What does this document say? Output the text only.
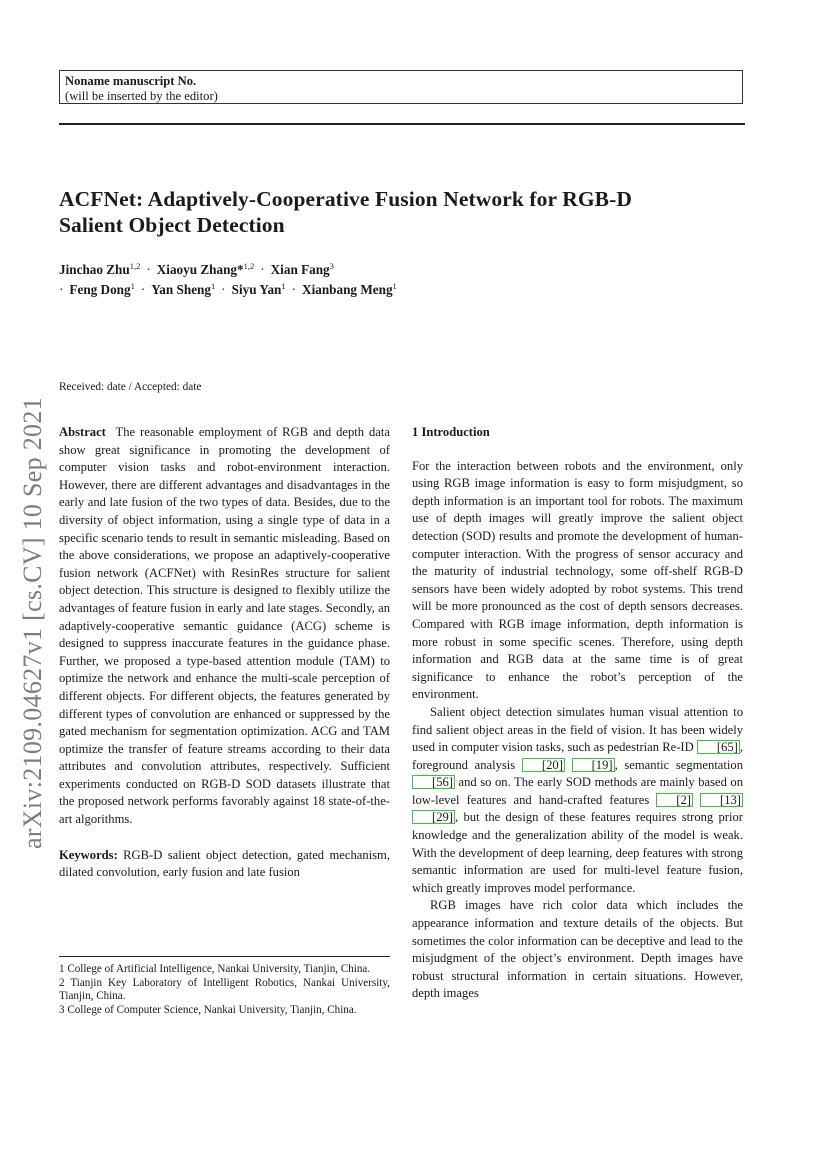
Noname manuscript No.
(will be inserted by the editor)
ACFNet: Adaptively-Cooperative Fusion Network for RGB-D
Salient Object Detection
Jinchao Zhu$^{1,2}$ · Xiaoyu Zhang*$^{1,2}$ · Xian Fang$^3$
· Feng Dong$^1$ · Yan Sheng$^1$ · Siyu Yan$^1$ · Xianbang Meng$^1$
arXiv:2109.04627v1 [cs.CV] 10 Sep 2021
Received: date / Accepted: date

Abstract The reasonable employment of RGB and depth data show great significance in promoting the development of computer vision tasks and robot-environment interaction. However, there are different advantages and disadvantages in the early and late fusion of the two types of data. Besides, due to the diversity of object information, using a single type of data in a specific scenario tends to result in semantic misleading. Based on the above considerations, we propose an adaptively-cooperative fusion network (ACFNet) with ResinRes structure for salient object detection. This structure is designed to flexibly utilize the advantages of feature fusion in early and late stages. Secondly, an adaptively-cooperative semantic guidance (ACG) scheme is designed to suppress inaccurate features in the guidance phase. Further, we proposed a type-based attention module (TAM) to optimize the network and enhance the multi-scale perception of different objects. For different objects, the features generated by different types of convolution are enhanced or suppressed by the gated mechanism for segmentation optimization. ACG and TAM optimize the transfer of feature streams according to their data attributes and convolution attributes, respectively. Sufficient experiments conducted on RGB-D SOD datasets illustrate that the proposed network performs favorably against 18 state-of-the-art algorithms.

Keywords: RGB-D salient object detection, gated mechanism, dilated convolution, early fusion and late fusion

1 College of Artificial Intelligence, Nankai University, Tianjin, China.

2 Tianjin Key Laboratory of Intelligent Robotics, Nankai University, Tianjin, China.

3 College of Computer Science, Nankai University, Tianjin, China.

1 Introduction

For the interaction between robots and the environment, only using RGB image information is easy to form misjudgment, so depth information is an important tool for robots. The maximum use of depth images will greatly improve the salient object detection (SOD) results and promote the development of human-computer interaction. With the progress of sensor accuracy and the maturity of industrial technology, some off-shelf RGB-D sensors have been widely adopted by robot systems. This trend will be more pronounced as the cost of depth sensors decreases. Compared with RGB image information, depth information is more robust in some specific scenes. Therefore, using depth information and RGB data at the same time is of great significance to enhance the robot’s perception of the environment.

Salient object detection simulates human visual attention to find salient object areas in the field of vision. It has been widely used in computer vision tasks, such as pedestrian Re-ID [65] , foreground analysis [20] [19] , semantic segmentation [56] and so on. The early SOD methods are mainly based on low-level features and hand-crafted features [2] [13] [29] , but the design of these features requires strong prior knowledge and the generalization ability of the model is weak. With the development of deep learning, deep features with strong semantic information are used for multi-level feature fusion, which greatly improves model performance.

RGB images have rich color data which includes the appearance information and texture details of the objects. But sometimes the color information can be deceptive and lead to the misjudgment of the object’s environment. Depth images have robust structural information in certain situations. However, depth images
